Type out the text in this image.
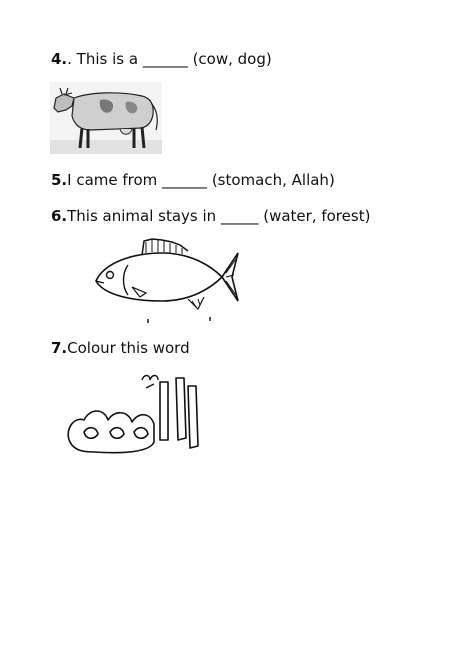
4.. This is a ______ (cow, dog)
5.I came from ______ (stomach, Allah)
6.This animal stays in _____ (water, forest)
7.Colour this word
